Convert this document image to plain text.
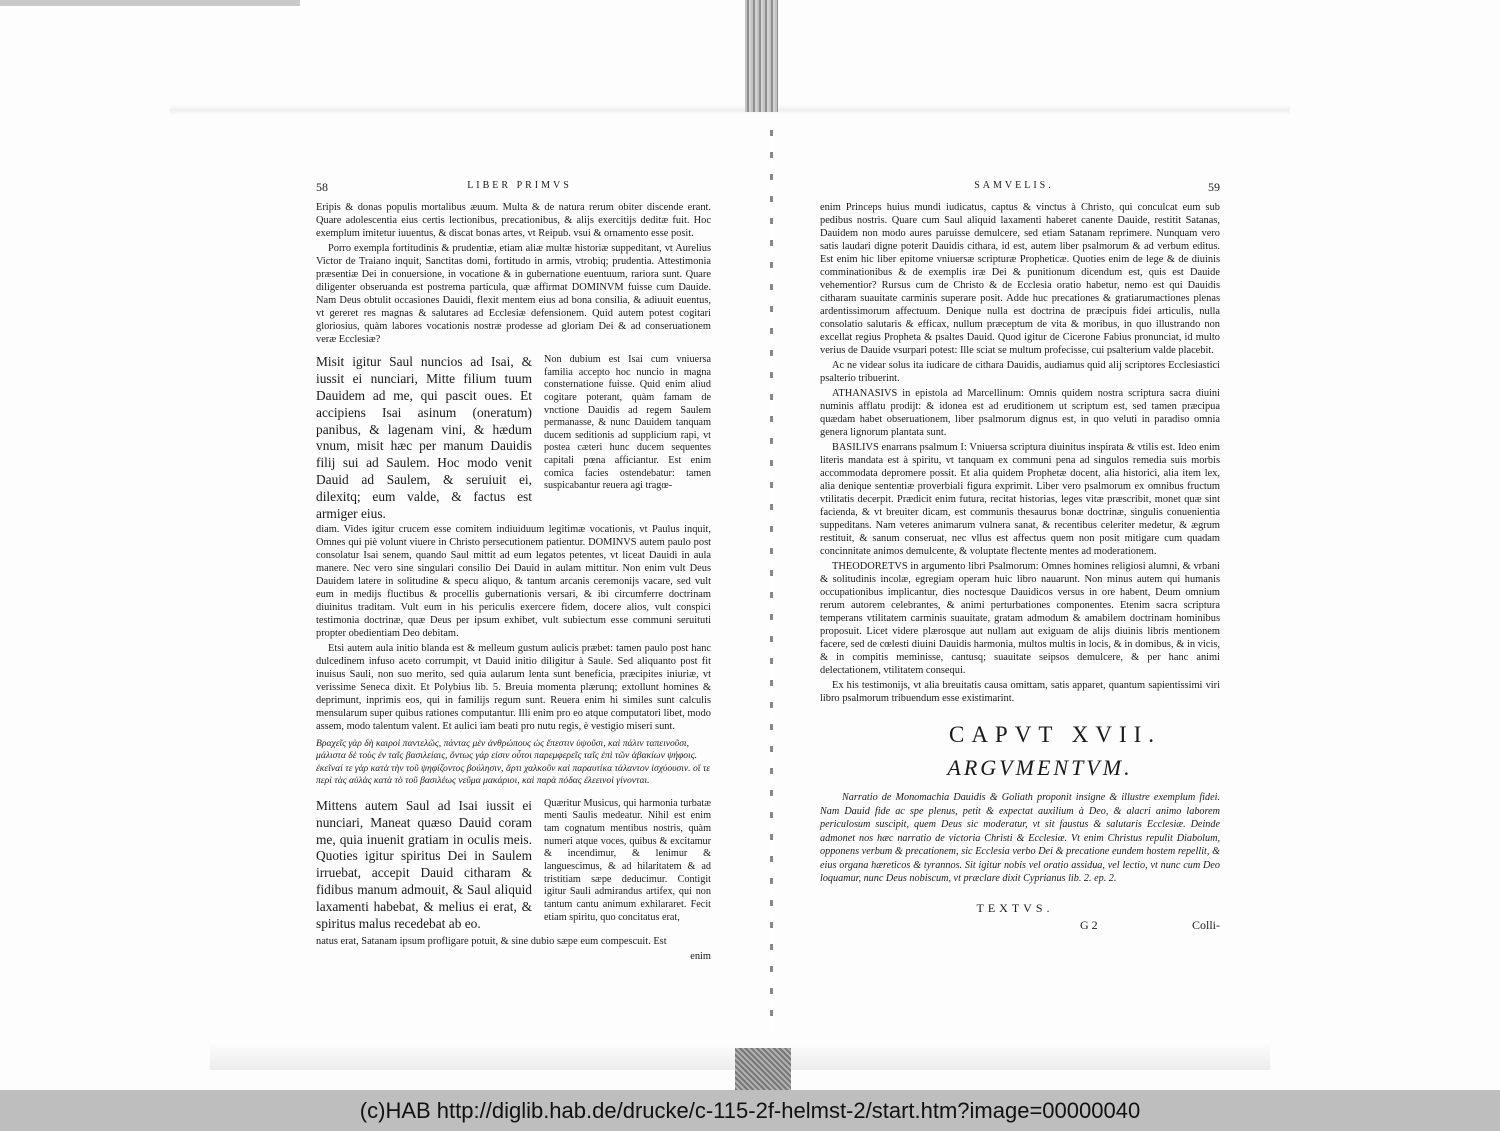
58	LIBER PRIMVS

Eripis & donas populis mortalibus æuum. Multa & de natura rerum obiter discende erant. Quare adolescentia eius certis lectionibus, precationibus, & alijs exercitijs deditæ fuit. Hoc exemplum imitetur iuuentus, & discat bonas artes, vt Reipub. vsui & ornamento esse posit.

Porro exempla fortitudinis & prudentiæ, etiam aliæ multæ historiæ suppeditant, vt Aurelius Victor de Traiano inquit, Sanctitas domi, fortitudo in armis, vtrobiq; prudentia. Attestimonia præsentiæ Dei in conuersione, in vocatione & in gubernatione euentuum, rariora sunt. Quare diligenter obseruanda est postrema particula, quæ affirmat DOMINVM fuisse cum Dauide. Nam Deus obtulit occasiones Dauidi, flexit mentem eius ad bona consilia, & adiuuit euentus, vt gereret res magnas & salutares ad Ecclesiæ defensionem. Quid autem potest cogitari gloriosius, quàm labores vocationis nostræ prodesse ad gloriam Dei & ad conseruationem veræ Ecclesiæ?

Misit igitur Saul nuncios ad Isai, & iussit ei nunciari, Mitte filium tuum Dauidem ad me, qui pascit oues. Et accipiens Isai asinum (oneratum) panibus, & lagenam vini, & hædum vnum, misit hæc per manum Dauidis filij sui ad Saulem. Hoc modo venit Dauid ad Saulem, & seruiuit ei, dilexitq; eum valde, & factus est armiger eius.
Non dubium est Isai cum vniuersa familia accepto hoc nuncio in magna consternatione fuisse. Quid enim aliud cogitare poterant, quàm famam de vnctione Dauidis ad regem Saulem permanasse, & nunc Dauidem tanquam ducem seditionis ad supplicium rapi, vt postea cæteri hunc ducem sequentes capitali pœna afficiantur. Est enim comica facies ostendebatur: tamen suspicabantur reuera agi tragœ-

diam. Vides igitur crucem esse comitem indiuiduum legitimæ vocationis, vt Paulus inquit, Omnes qui piè volunt viuere in Christo persecutionem patientur. DOMINVS autem paulo post consolatur Isai senem, quando Saul mittit ad eum legatos petentes, vt liceat Dauidi in aula manere. Nec vero sine singulari consilio Dei Dauid in aulam mittitur. Non enim vult Deus Dauidem latere in solitudine & specu aliquo, & tantum arcanis ceremonijs vacare, sed vult eum in medijs fluctibus & procellis gubernationis versari, & ibi circumferre doctrinam diuinitus traditam. Vult eum in his periculis exercere fidem, docere alios, vult conspici testimonia doctrinæ, quæ Deus per ipsum exhibet, vult subiectum esse communi seruituti propter obedientiam Deo debitam.

Etsi autem aula initio blanda est & melleum gustum aulicis præbet: tamen paulo post hanc dulcedinem infuso aceto corrumpit, vt Dauid initio diligitur à Saule. Sed aliquanto post fit inuisus Sauli, non suo merito, sed quia aularum lenta sunt beneficia, præcipites iniuriæ, vt verissime Seneca dixit. Et Polybius lib. 5. Breuia momenta plærunq; extollunt homines & deprimunt, inprimis eos, qui in familijs regum sunt. Reuera enim hi similes sunt calculis mensularum super quibus rationes computantur. Illi enim pro eo atque computatori libet, modo assem, modo talentum valent. Et aulici iam beati pro nutu regis, è vestigio miseri sunt.

Βραχεῖς γὰρ δὴ καιροὶ παντελῶς, πάντας μὲν ἀνθρώπους ὡς ἔπεστιν ὑψοῦσι, καὶ πάλιν ταπεινοῦσι, μάλιστα δὲ τοὺς ἐν ταῖς βασιλείαις, ὄντως γάρ εἰσιν οὗτοι παρεμφερεῖς ταῖς ἐπὶ τῶν ἀβακίων ψήφοις. ἐκεῖναί τε γὰρ κατὰ τὴν τοῦ ψηφίζοντος βούλησιν, ἄρτι χαλκοῦν καὶ παραυτίκα τάλαντον ἰσχύουσιν. οἵ τε περὶ τὰς αὐλὰς κατὰ τὸ τοῦ βασιλέως νεῦμα μακάριοι, καὶ παρὰ πόδας ἐλεεινοὶ γίνονται.
Mittens autem Saul ad Isai iussit ei nunciari, Maneat quæso Dauid coram me, quia inuenit gratiam in oculis meis. Quoties igitur spiritus Dei in Saulem irruebat, accepit Dauid citharam & fidibus manum admouit, & Saul aliquid laxamenti habebat, & melius ei erat, & spiritus malus recedebat ab eo.
Quæritur Musicus, qui harmonia turbatæ menti Saulis medeatur. Nihil est enim tam cognatum mentibus nostris, quàm numeri atque voces, quibus & excitamur & incendimur, & lenimur & languescimus, & ad hilaritatem & ad tristitiam sæpe deducimur. Contigit igitur Sauli admirandus artifex, qui non tantum cantu animum exhilararet. Fecit etiam spiritu, quo concitatus erat,

natus erat, Satanam ipsum profligare potuit, & sine dubio sæpe eum compescuit. Est

enim
SAMVELIS.	59

enim Princeps huius mundi iudicatus, captus & vinctus à Christo, qui conculcat eum sub pedibus nostris. Quare cum Saul aliquid laxamenti haberet canente Dauide, restitit Satanas, Dauidem non modo aures paruisse demulcere, sed etiam Satanam reprimere. Nunquam vero satis laudari digne poterit Dauidis cithara, id est, autem liber psalmorum & ad verbum editus. Est enim hic liber epitome vniuersæ scripturæ Propheticæ. Quoties enim de lege & de diuinis comminationibus & de exemplis iræ Dei & punitionum dicendum est, quis est Dauide vehementior? Rursus cum de Christo & de Ecclesia oratio habetur, nemo est qui Dauidis citharam suauitate carminis superare posit. Adde huc precationes & gratiarumactiones plenas ardentissimorum affectuum. Denique nulla est doctrina de præcipuis fidei articulis, nulla consolatio salutaris & efficax, nullum præceptum de vita & moribus, in quo illustrando non excellat regius Propheta & psaltes Dauid. Quod igitur de Cicerone Fabius pronunciat, id multo verius de Dauide vsurpari potest: Ille sciat se multum profecisse, cui psalterium valde placebit.

Ac ne videar solus ita iudicare de cithara Dauidis, audiamus quid alij scriptores Ecclesiastici psalterio tribuerint.

ATHANASIVS in epistola ad Marcellinum: Omnis quidem nostra scriptura sacra diuini numinis afflatu prodijt: & idonea est ad eruditionem ut scriptum est, sed tamen præcipua quædam habet obseruationem, liber psalmorum dignus est, in quo veluti in paradiso omnia genera lignorum plantata sunt.

BASILIVS enarrans psalmum I: Vniuersa scriptura diuinitus inspirata & vtilis est. Ideo enim literis mandata est à spiritu, vt tanquam ex communi pena ad singulos remedia suis morbis accommodata depromere possit. Et alia quidem Prophetæ docent, alia historici, alia item lex, alia denique sententiæ proverbiali figura exprimit. Liber vero psalmorum ex omnibus fructum vtilitatis decerpit. Prædicit enim futura, recitat historias, leges vitæ præscribit, monet quæ sint facienda, & vt breuiter dicam, est communis thesaurus bonæ doctrinæ, singulis conuenientia suppeditans. Nam veteres animarum vulnera sanat, & recentibus celeriter medetur, & ægrum restituit, & sanum conseruat, nec vllus est affectus quem non posit mitigare cum quadam concinnitate animos demulcente, & voluptate flectente mentes ad moderationem.

THEODORETVS in argumento libri Psalmorum: Omnes homines religiosi alumni, & vrbani & solitudinis incolæ, egregiam operam huic libro nauarunt. Non minus autem qui humanis occupationibus implicantur, dies noctesque Dauidicos versus in ore habent, Deum omnium rerum autorem celebrantes, & animi perturbationes componentes. Etenim sacra scriptura temperans vtilitatem carminis suauitate, gratam admodum & amabilem doctrinam hominibus proposuit. Licet videre plærosque aut nullam aut exiguam de alijs diuinis libris mentionem facere, sed de cœlesti diuini Dauidis harmonia, multos multis in locis, & in domibus, & in vicis, & in compitis meminisse, cantusq; suauitate seipsos demulcere, & per hanc animi delectationem, vtilitatem consequi.

Ex his testimonijs, vt alia breuitatis causa omittam, satis apparet, quantum sapientissimi viri libro psalmorum tribuendum esse existimarint.

CAPVT XVII.
ARGVMENTVM.

Narratio de Monomachia Dauidis & Goliath proponit insigne & illustre exemplum fidei. Nam Dauid fide ac spe plenus, petit & expectat auxilium à Deo, & alacri animo laborem periculosum suscipit, quem Deus sic moderatur, vt sit faustus & salutaris Ecclesiæ. Deinde admonet nos hæc narratio de victoria Christi & Ecclesiæ. Vt enim Christus repulit Diabolum, opponens verbum & precationem, sic Ecclesia verbo Dei & precatione eundem hostem repellit, & eius organa hæreticos & tyrannos. Sit igitur nobis vel oratio assidua, vel lectio, vt nunc cum Deo loquamur, nunc Deus nobiscum, vt præclare dixit Cyprianus lib. 2. ep. 2.

TEXTVS.
G 2	Colli-
(c)HAB http://diglib.hab.de/drucke/c-115-2f-helmst-2/start.htm?image=00000040
